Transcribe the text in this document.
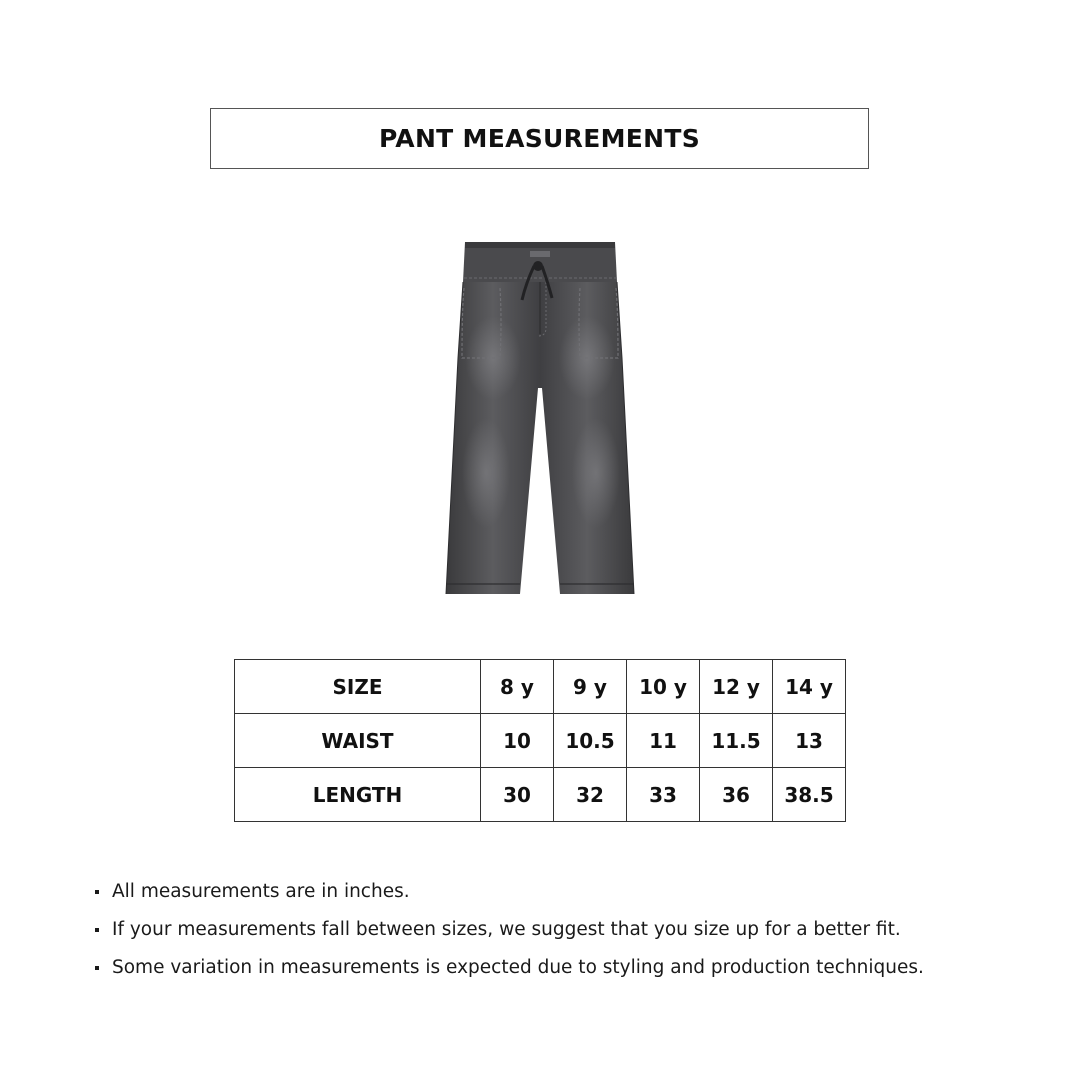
PANT MEASUREMENTS
SIZE	8 y	9 y	10 y	12 y	14 y
WAIST	10	10.5	11	11.5	13
LENGTH	30	32	33	36	38.5
All measurements are in inches.
If your measurements fall between sizes, we suggest that you size up for a better fit.
Some variation in measurements is expected due to styling and production techniques.
